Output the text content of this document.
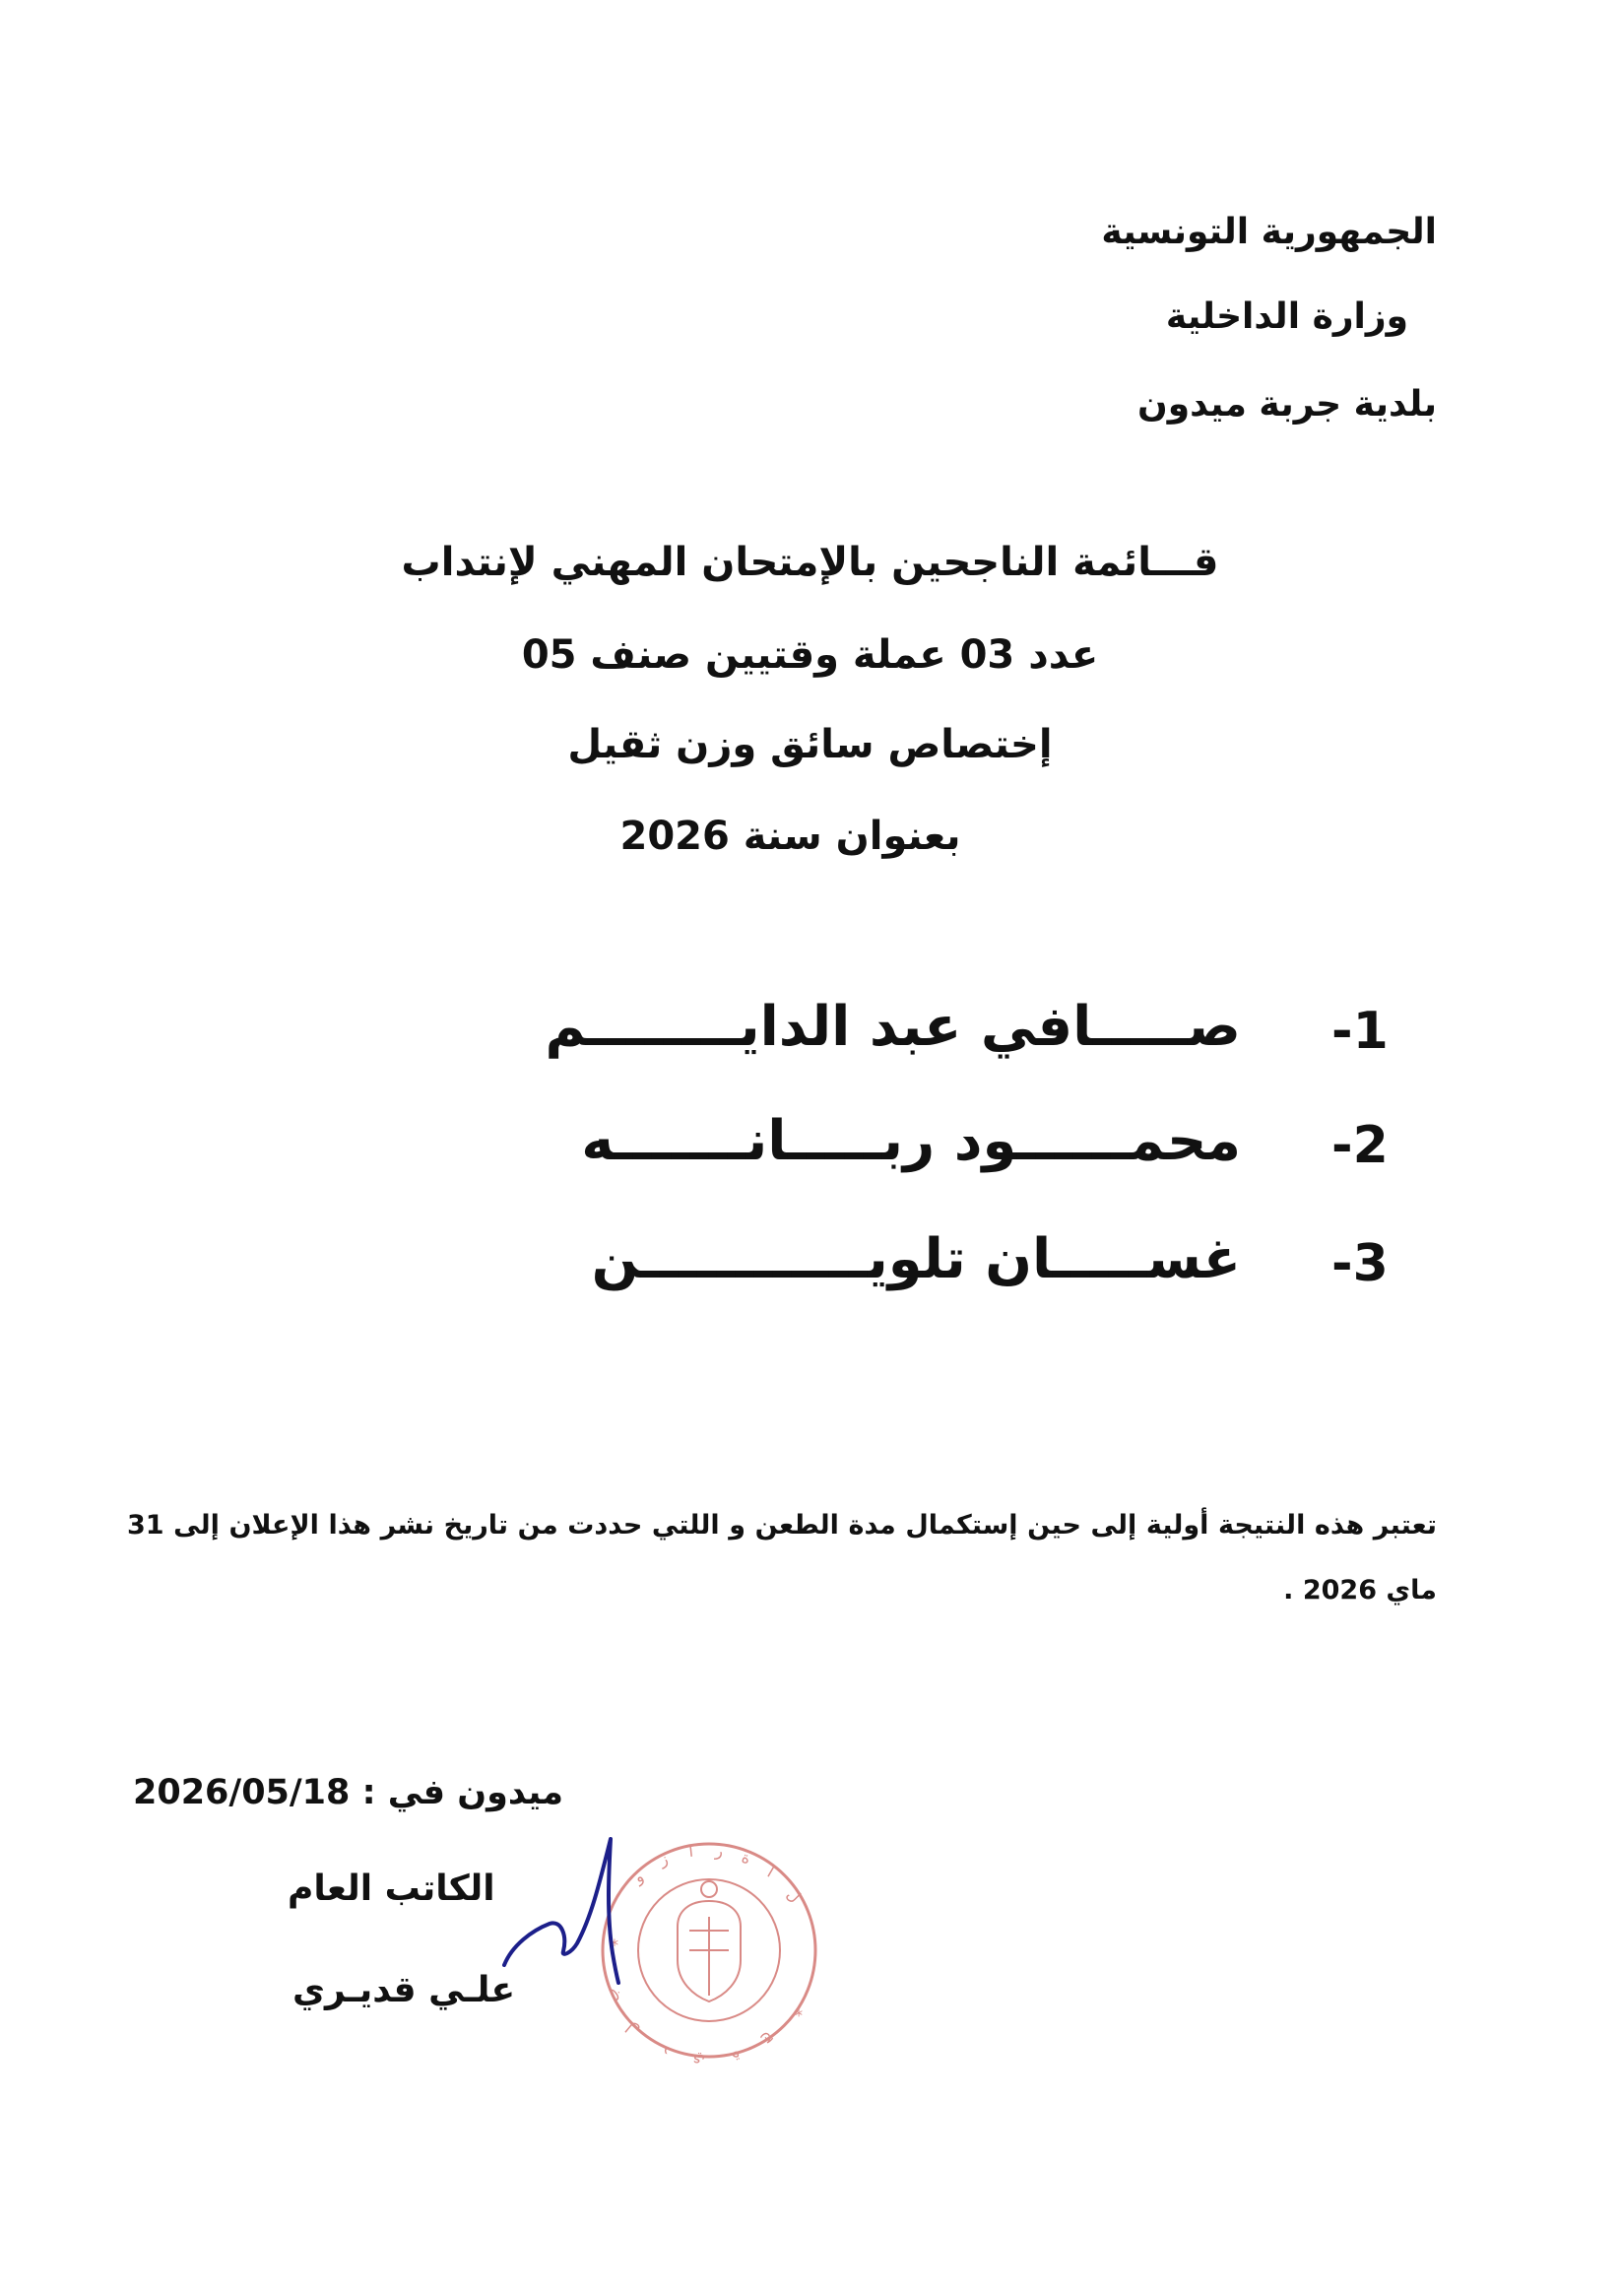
الجمهورية التونسية
وزارة الداخلية
بلدية جربة ميدون
قـــائمة الناجحين بالإمتحان المهني لإنتداب
عدد 03 عملة وقتيين صنف 05
إختصاص سائق وزن ثقيل
بعنوان سنة 2026
-1
صـــــافي عبد الدايــــــــم
-2
محمــــــود ربـــــانـــــــه
-3
غســـــان تلويــــــــــــن
تعتبر هذه النتيجة أولية إلى حين إستكمال مدة الطعن و اللتي حددت من تاريخ نشر هذا الإعلان إلى 31 ماي 2026 .
ميدون في : 2026/05/18
الكاتب العام
علـي قديـري
و
ز ا ر ة
ا
ل
ب
ل
د ي ة
ج
*
*
